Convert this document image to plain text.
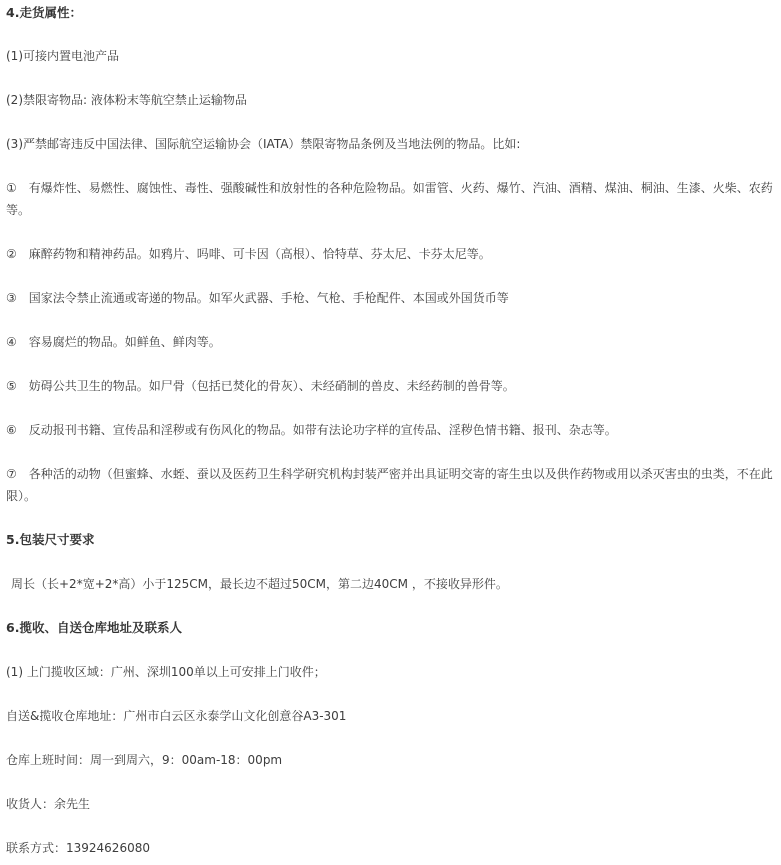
4.走货属性：
(1)可接内置电池产品
(2)禁限寄物品: 液体粉末等航空禁止运输物品
(3)严禁邮寄违反中国法律、国际航空运输协会（IATA）禁限寄物品条例及当地法例的物品。比如:
①　有爆炸性、易燃性、腐蚀性、毒性、强酸碱性和放射性的各种危险物品。如雷管、火药、爆竹、汽油、酒精、煤油、桐油、生漆、火柴、农药等。
②　麻醉药物和精神药品。如鸦片、吗啡、可卡因（高根）、恰特草、芬太尼、卡芬太尼等。
③　国家法令禁止流通或寄递的物品。如军火武器、手枪、气枪、手枪配件、本国或外国货币等
④　容易腐烂的物品。如鲜鱼、鲜肉等。
⑤　妨碍公共卫生的物品。如尸骨（包括已焚化的骨灰）、未经硝制的兽皮、未经药制的兽骨等。
⑥　反动报刊书籍、宣传品和淫秽或有伤风化的物品。如带有法论功字样的宣传品、淫秽色情书籍、报刊、杂志等。
⑦　各种活的动物（但蜜蜂、水蛭、蚕以及医药卫生科学研究机构封装严密并出具证明交寄的寄生虫以及供作药物或用以杀灭害虫的虫类，不在此限）。
5.包装尺寸要求
周长（长+2*宽+2*高）小于125CM，最长边不超过50CM，第二边40CM ，不接收异形件。
6.揽收、自送仓库地址及联系人
(1) 上门揽收区域：广州、深圳100单以上可安排上门收件；
自送&揽收仓库地址：广州市白云区永泰学山文化创意谷A3-301
仓库上班时间：周一到周六，9：00am-18：00pm
收货人：余先生
联系方式：13924626080
